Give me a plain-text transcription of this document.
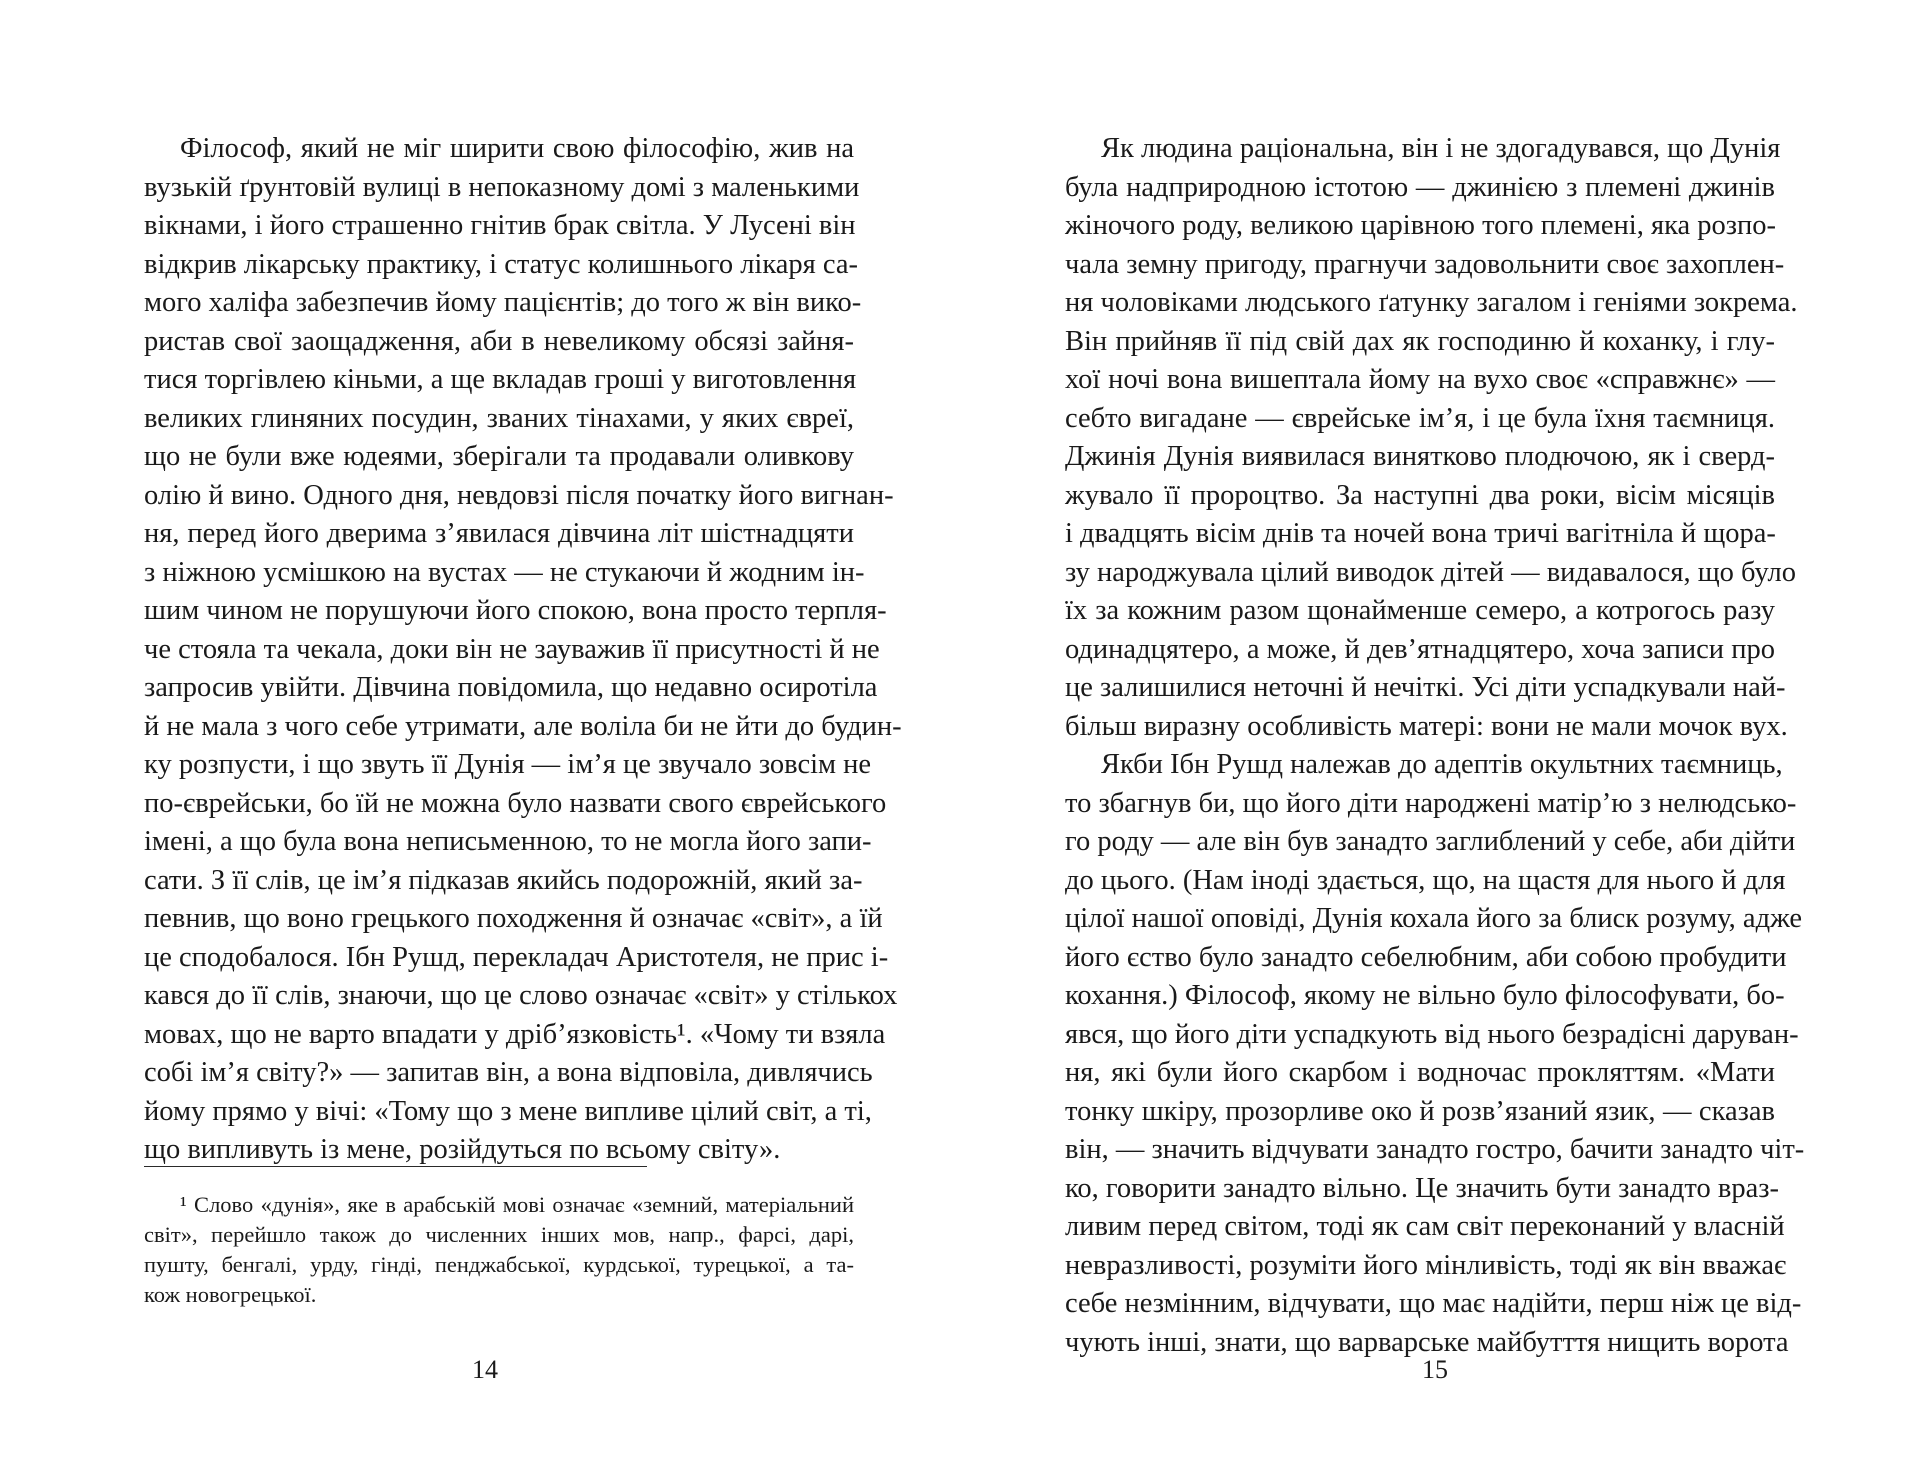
Філософ, який не міг ширити свою філософію, жив на
вузькій ґрунтовій вулиці в непоказному домі з маленькими
вікнами, і його страшенно гнітив брак світла. У Лусені він
відкрив лікарську практику, і статус колишнього лікаря са-
мого халіфа забезпечив йому пацієнтів; до того ж він вико-
ристав свої заощадження, аби в невеликому обсязі зайня-
тися торгівлею кіньми, а ще вкладав гроші у виготовлення
великих глиняних посудин, званих тінахами, у яких євреї,
що не були вже юдеями, зберігали та продавали оливкову
олію й вино. Одного дня, невдовзі після початку його вигнан-
ня, перед його дверима з’явилася дівчина літ шістнадцяти
з ніжною усмішкою на вустах — не стукаючи й жодним ін-
шим чином не порушуючи його спокою, вона просто терпля-
че стояла та чекала, доки він не зауважив її присутності й не
запросив увійти. Дівчина повідомила, що недавно осиротіла
й не мала з чого себе утримати, але воліла би не йти до будин-
ку розпусти, і що звуть її Дунія — ім’я це звучало зовсім не
по-єврейськи, бо їй не можна було назвати свого єврейського
імені, а що була вона неписьменною, то не могла його запи-
сати. З її слів, це ім’я підказав якийсь подорожній, який за-
певнив, що воно грецького походження й означає «світ», а їй
це сподобалося. Ібн Рушд, перекладач Аристотеля, не прис і-
кався до її слів, знаючи, що це слово означає «світ» у стількох
мовах, що не варто впадати у дріб’язковість¹. «Чому ти взяла
собі ім’я світу?» — запитав він, а вона відповіла, дивлячись
йому прямо у вічі: «Тому що з мене випливе цілий світ, а ті,
що випливуть із мене, розійдуться по всьому світу».
¹ Слово «дунія», яке в арабській мові означає «земний, матеріальний
світ», перейшло також до численних інших мов, напр., фарсі, дарі,
пушту, бенгалі, урду, гінді, пенджабської, курдської, турецької, а та-
кож новогрецької.
14
Як людина раціональна, він і не здогадувався, що Дунія
була надприродною істотою — джинією з племені джинів
жіночого роду, великою царівною того племені, яка розпо-
чала земну пригоду, прагнучи задовольнити своє захоплен-
ня чоловіками людського ґатунку загалом і геніями зокрема.
Він прийняв її під свій дах як господиню й коханку, і глу-
хої ночі вона вишептала йому на вухо своє «справжнє» —
себто вигадане — єврейське ім’я, і це була їхня таємниця.
Джинія Дунія виявилася винятково плодючою, як і сверд-
жувало її пророцтво. За наступні два роки, вісім місяців
і двадцять вісім днів та ночей вона тричі вагітніла й щора-
зу народжувала цілий виводок дітей — видавалося, що було
їх за кожним разом щонайменше семеро, а котрогось разу
одинадцятеро, а може, й дев’ятнадцятеро, хоча записи про
це залишилися неточні й нечіткі. Усі діти успадкували най-
більш виразну особливість матері: вони не мали мочок вух.
Якби Ібн Рушд належав до адептів окультних таємниць,
то збагнув би, що його діти народжені матір’ю з нелюдсько-
го роду — але він був занадто заглиблений у себе, аби дійти
до цього. (Нам іноді здається, що, на щастя для нього й для
цілої нашої оповіді, Дунія кохала його за блиск розуму, адже
його єство було занадто себелюбним, аби собою пробудити
кохання.) Філософ, якому не вільно було філософувати, бо-
явся, що його діти успадкують від нього безрадісні даруван-
ня, які були його скарбом і водночас прокляттям. «Мати
тонку шкіру, прозорливе око й розв’язаний язик, — сказав
він, — значить відчувати занадто гостро, бачити занадто чіт-
ко, говорити занадто вільно. Це значить бути занадто враз-
ливим перед світом, тоді як сам світ переконаний у власній
невразливості, розуміти його мінливість, тоді як він вважає
себе незмінним, відчувати, що має надійти, перш ніж це від-
чують інші, знати, що варварське майбутття нищить ворота
15
